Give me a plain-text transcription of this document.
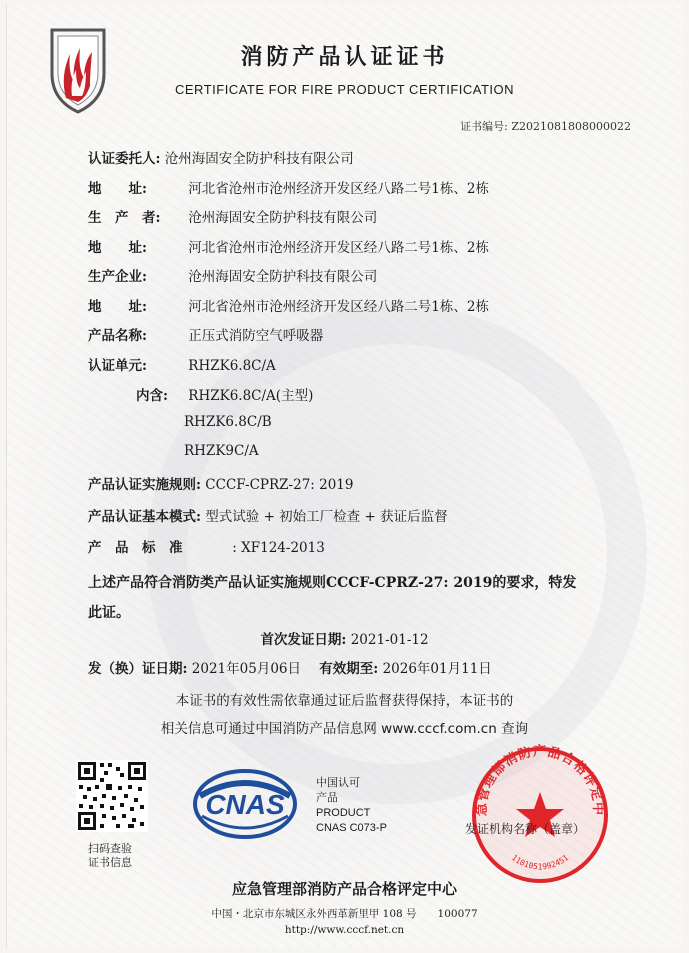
消防产品认证证书
CERTIFICATE FOR FIRE PRODUCT CERTIFICATION
证书编号: Z2021081808000022
认证委托人: 沧州海固安全防护科技有限公司
地　　址:	河北省沧州市沧州经济开发区经八路二号1栋、2栋
生　产　者: 沧州海固安全防护科技有限公司
地　　址:	河北省沧州市沧州经济开发区经八路二号1栋、2栋
生产企业:	沧州海固安全防护科技有限公司
地　　址:	河北省沧州市沧州经济开发区经八路二号1栋、2栋
产品名称:	正压式消防空气呼吸器
认证单元:	RHZK6.8C/A
内含: RHZK6.8C/A(主型)
RHZK6.8C/B
RHZK9C/A
产品认证实施规则: CCCF-CPRZ-27: 2019
产品认证基本模式: 型式试验 + 初始工厂检查 + 获证后监督
产　品　标　准	: XF124-2013
上述产品符合消防类产品认证实施规则CCCF-CPRZ-27: 2019的要求，特发
此证。
首次发证日期: 2021-01-12
发（换）证日期: 2021年05月06日 有效期至: 2026年01月11日
本证书的有效性需依靠通过证后监督获得保持，本证书的
相关信息可通过中国消防产品信息网 www.cccf.com.cn 查询
扫码查验
证书信息
CNAS
中国认可
产品
PRODUCT
CNAS C073-P
急管理部消防产品合格评定中
1101051992451
发证机构名称（盖章）
应急管理部消防产品合格评定中心
中国・北京市东城区永外西革新里甲 108 号　　100077
http://www.cccf.net.cn
